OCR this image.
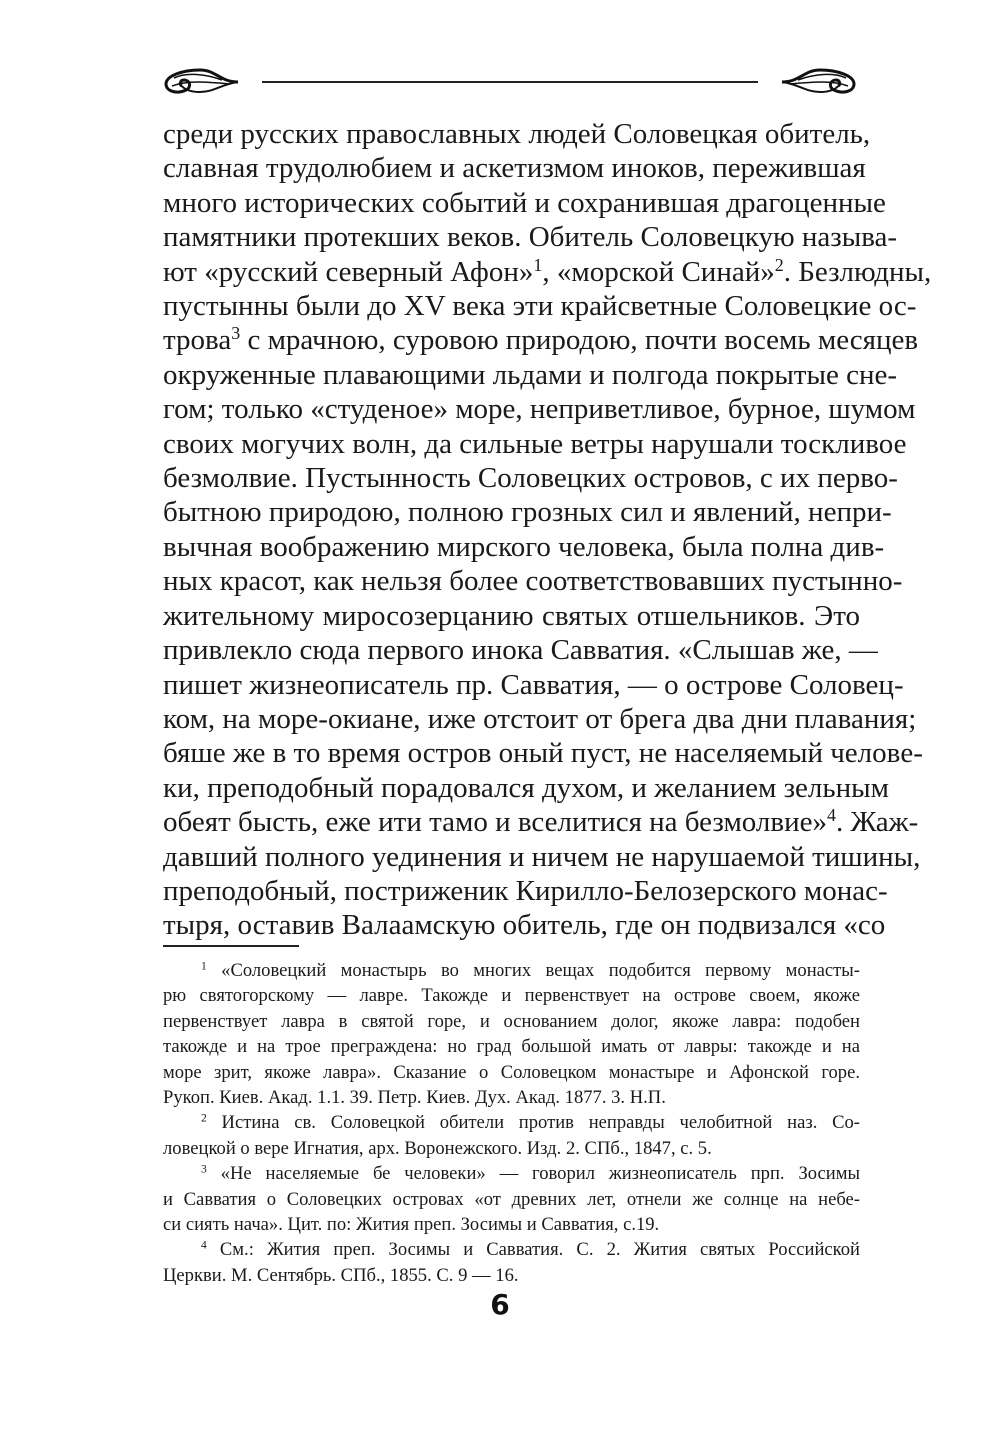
среди русских православных людей Соловецкая обитель,
славная трудолюбием и аскетизмом иноков, пережившая
много исторических событий и сохранившая драгоценные
памятники протекших веков. Обитель Соловецкую называ-
ют «русский северный Афон»$^1$, «морской Синай»$^2$. Безлюдны,
пустынны были до XV века эти крайсветные Соловецкие ос-
трова$^3$ с мрачною, суровою природою, почти восемь месяцев
окруженные плавающими льдами и полгода покрытые сне-
гом; только «студеное» море, неприветливое, бурное, шумом
своих могучих волн, да сильные ветры нарушали тоскливое
безмолвие. Пустынность Соловецких островов, с их перво-
бытною природою, полною грозных сил и явлений, непри-
вычная воображению мирского человека, была полна див-
ных красот, как нельзя более соответствовавших пустынно-
жительному миросозерцанию святых отшельников. Это
привлекло сюда первого инока Савватия. «Слышав же, —
пишет жизнеописатель пр. Савватия, — о острове Соловец-
ком, на море-окиане, иже отстоит от брега два дни плавания;
бяше же в то время остров оный пуст, не населяемый человe-
ки, преподобный порадовался духом, и желанием зельным
обеят бысть, еже ити тамо и вселитися на безмолвие»$^4$. Жаж-
давший полного уединения и ничем не нарушаемой тишины,
преподобный, постриженик Кирилло-Белозерского монас-
тыря, оставив Валаамскую обитель, где он подвизался «со
$^1$ «Соловецкий монастырь во многих вещах подобится первому монасты-
рю святогорскому — лавре. Такожде и первенствует на острове своем, якоже
первенствует лавра в святой горе, и основанием долог, якоже лавра: подобен
такожде и на трое преграждена: но град большой имать от лавры: такожде и на
море зрит, якоже лавра». Сказание о Соловецком монастыре и Афонской горе.
Рукоп. Киев. Акад. 1.1. 39. Петр. Киев. Дух. Акад. 1877. 3. Н.П.
$^2$ Истина св. Соловецкой обители против неправды челобитной наз. Со-
ловецкой о вере Игнатия, арх. Воронежского. Изд. 2. СПб., 1847, с. 5.
$^3$ «Не населяемые бе человеки» — говорил жизнеописатель прп. Зосимы
и Савватия о Соловецких островах «от древних лет, отнели же солнце на небе-
си сиять нача». Цит. по: Жития преп. Зосимы и Савватия, с.19.
$^4$ См.: Жития преп. Зосимы и Савватия. С. 2. Жития святых Российской
Церкви. М. Сентябрь. СПб., 1855. С. 9 — 16.
6
